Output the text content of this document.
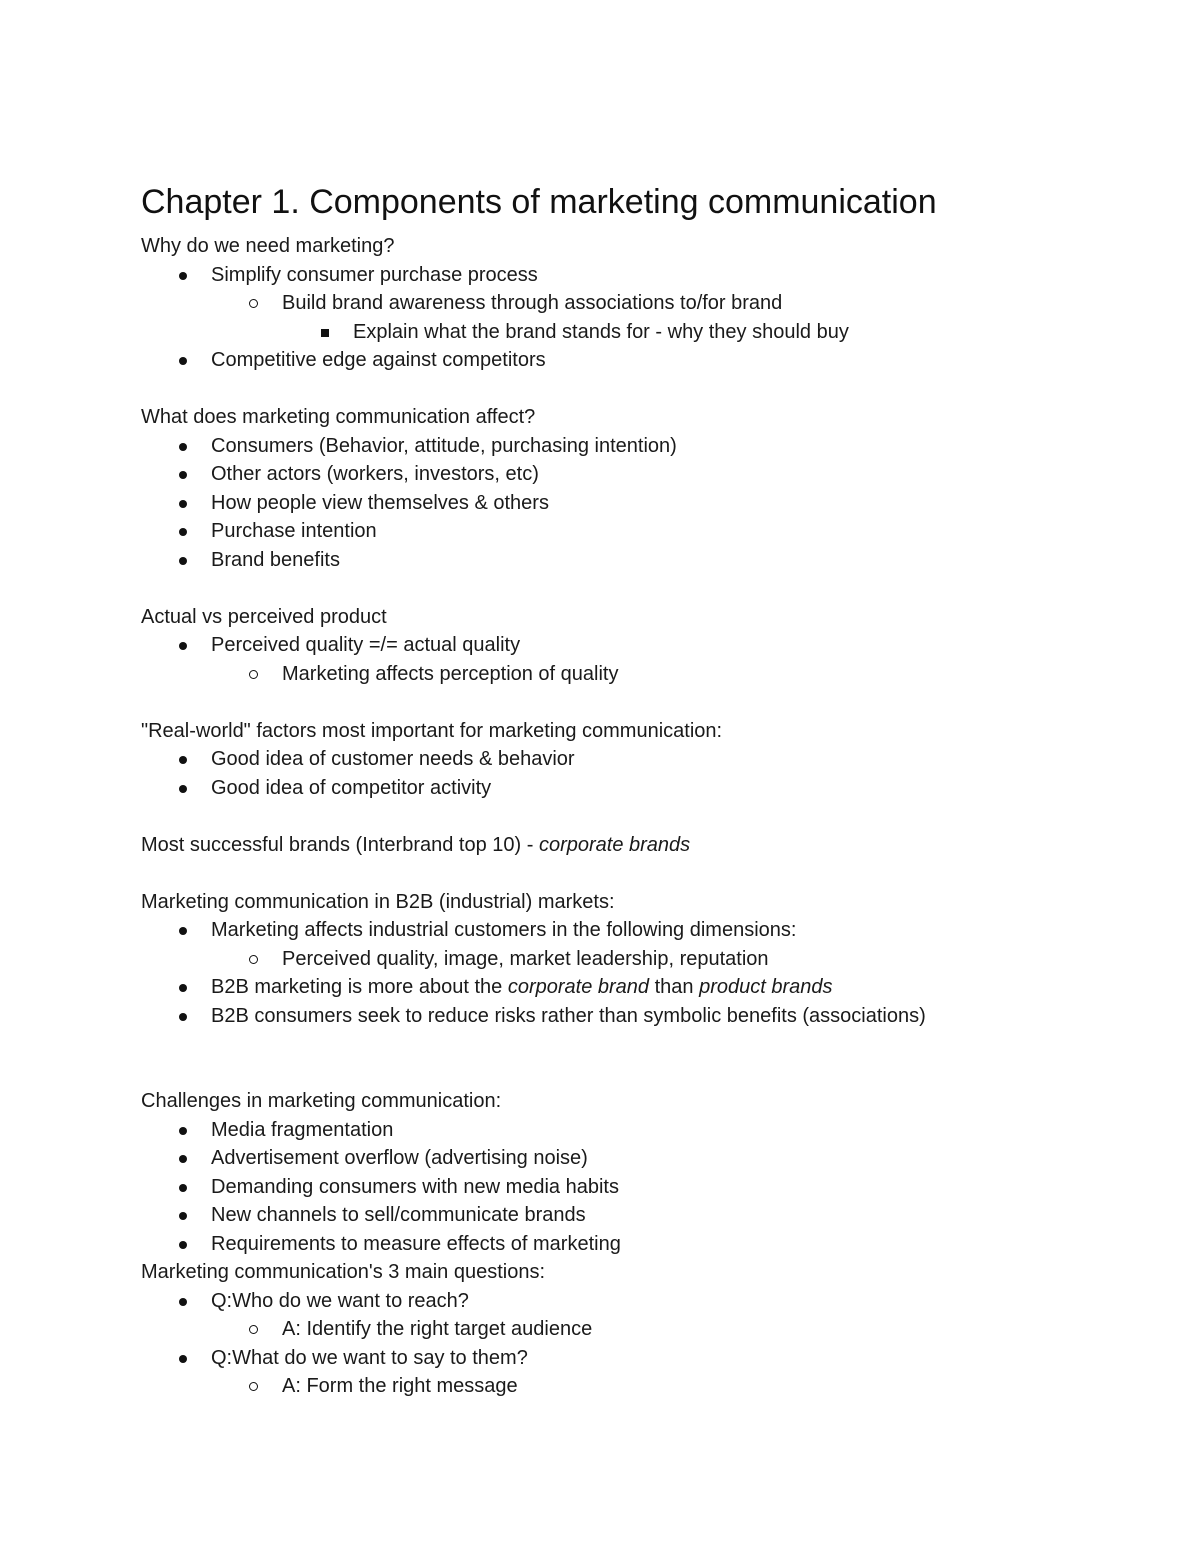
Chapter 1. Components of marketing communication
Why do we need marketing?
Simplify consumer purchase process
Build brand awareness through associations to/for brand
Explain what the brand stands for - why they should buy
Competitive edge against competitors
What does marketing communication affect?
Consumers (Behavior, attitude, purchasing intention)
Other actors (workers, investors, etc)
How people view themselves & others
Purchase intention
Brand benefits
Actual vs perceived product
Perceived quality =/= actual quality
Marketing affects perception of quality
"Real-world" factors most important for marketing communication:
Good idea of customer needs & behavior
Good idea of competitor activity
Most successful brands (Interbrand top 10) - corporate brands
Marketing communication in B2B (industrial) markets:
Marketing affects industrial customers in the following dimensions:
Perceived quality, image, market leadership, reputation
B2B marketing is more about the corporate brand than product brands
B2B consumers seek to reduce risks rather than symbolic benefits (associations)
Challenges in marketing communication:
Media fragmentation
Advertisement overflow (advertising noise)
Demanding consumers with new media habits
New channels to sell/communicate brands
Requirements to measure effects of marketing
Marketing communication's 3 main questions:
Q:Who do we want to reach?
A: Identify the right target audience
Q:What do we want to say to them?
A: Form the right message
